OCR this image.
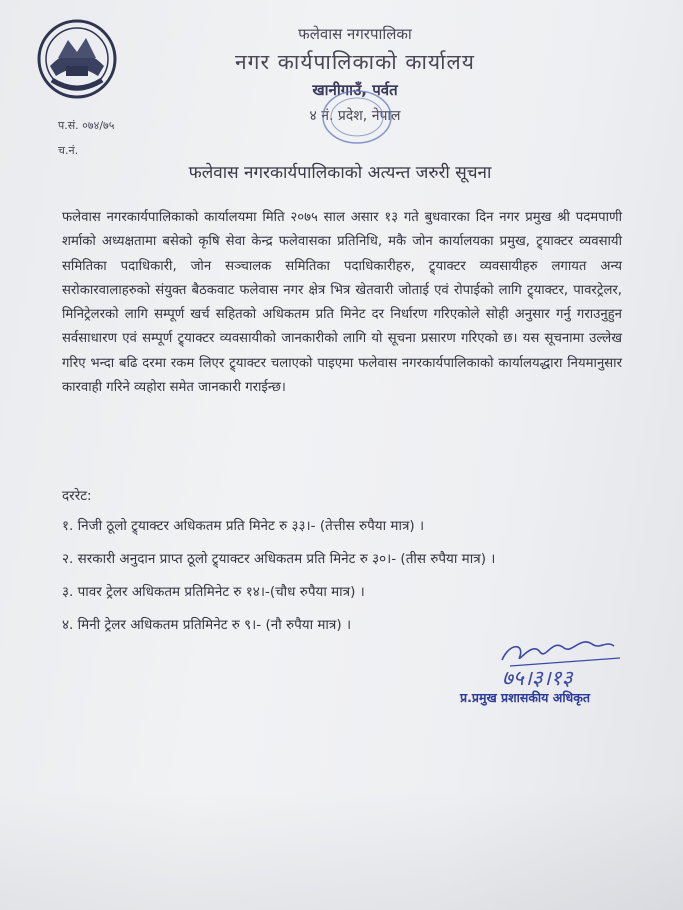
फलेवास नगरपालिका
नगर कार्यपालिकाको कार्यालय
खानीगाउँ, पर्वत
४ नं. प्रदेश, नेपाल
प.सं. ०७४/७५
च.नं.
फलेवास नगरकार्यपालिकाको अत्यन्त जरुरी सूचना
फलेवास नगरकार्यपालिकाको कार्यालयमा मिति २०७५ साल असार १३ गते बुधवारका दिन नगर प्रमुख श्री पदमपाणी शर्माको अध्यक्षतामा बसेको कृषि सेवा केन्द्र फलेवासका प्रतिनिधि, मकै जोन कार्यालयका प्रमुख, ट्र्याक्टर व्यवसायी समितिका पदाधिकारी, जोन सञ्चालक समितिका पदाधिकारीहरु, ट्र्याक्टर व्यवसायीहरु लगायत अन्य सरोकारवालाहरुको संयुक्त बैठकवाट फलेवास नगर क्षेत्र भित्र खेतवारी जोताई एवं रोपाईको लागि ट्र्याक्टर, पावरट्रेलर, मिनिट्रेलरको लागि सम्पूर्ण खर्च सहितको अधिकतम प्रति मिनेट दर निर्धारण गरिएकोले सोही अनुसार गर्नु गराउनुहुन सर्वसाधारण एवं सम्पूर्ण ट्र्याक्टर व्यवसायीको जानकारीको लागि यो सूचना प्रसारण गरिएको छ। यस सूचनामा उल्लेख गरिए भन्दा बढि दरमा रकम लिएर ट्र्याक्टर चलाएको पाइएमा फलेवास नगरकार्यपालिकाको कार्यालयद्धारा नियमानुसार कारवाही गरिने व्यहोरा समेत जानकारी गराईन्छ।
दररेट:
१. निजी ठूलो ट्र्याक्टर अधिकतम प्रति मिनेट रु ३३।- (तेत्तीस रुपैया मात्र) ।
२. सरकारी अनुदान प्राप्त ठूलो ट्र्याक्टर अधिकतम प्रति मिनेट रु ३०।- (तीस रुपैया मात्र) ।
३. पावर ट्रेलर अधिकतम प्रतिमिनेट रु १४।-(चौध रुपैया मात्र) ।
४. मिनी ट्रेलर अधिकतम प्रतिमिनेट रु ९।- (नौ रुपैया मात्र) ।
७५।३।१३
प्र.प्रमुख प्रशासकीय अधिकृत
